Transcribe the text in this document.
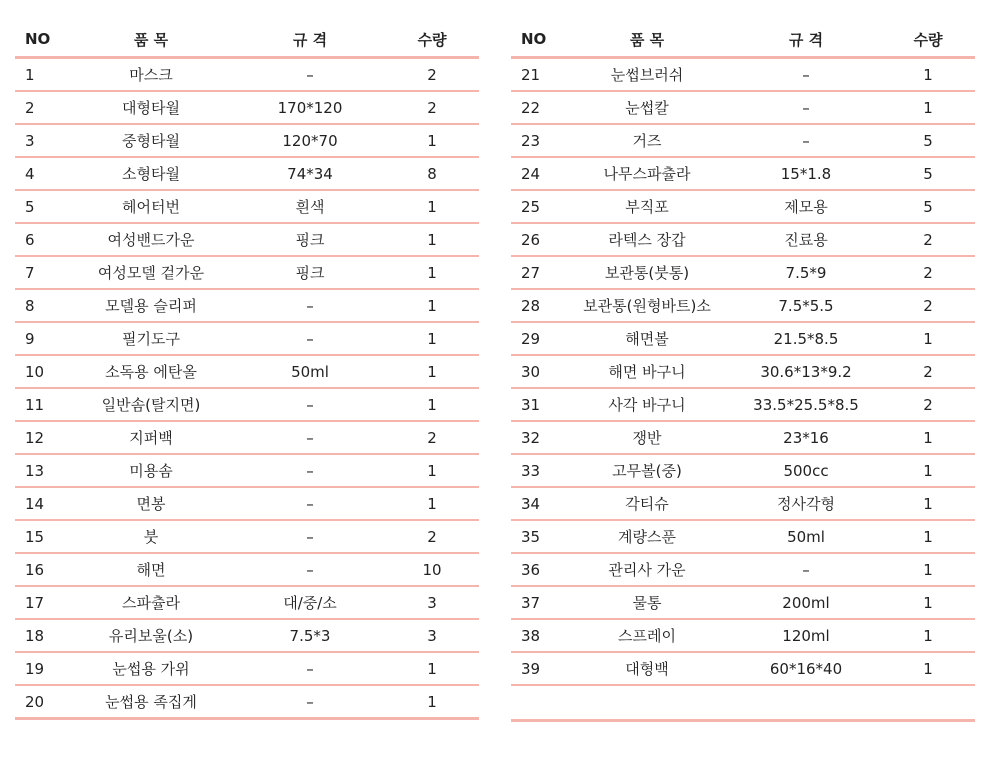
NO	품 목	규 격	수량
1	마스크	–	2
2	대형타월	170*120	2
3	중형타월	120*70	1
4	소형타월	74*34	8
5	헤어터번	흰색	1
6	여성밴드가운	핑크	1
7	여성모델 겉가운	핑크	1
8	모델용 슬리퍼	–	1
9	필기도구	–	1
10	소독용 에탄올	50ml	1
11	일반솜(탈지면)	–	1
12	지퍼백	–	2
13	미용솜	–	1
14	면봉	–	1
15	붓	–	2
16	해면	–	10
17	스파츌라	대/중/소	3
18	유리보울(소)	7.5*3	3
19	눈썹용 가위	–	1
20	눈썹용 족집게	–	1
NO	품 목	규 격	수량
21	눈썹브러쉬	–	1
22	눈썹칼	–	1
23	거즈	–	5
24	나무스파츌라	15*1.8	5
25	부직포	제모용	5
26	라텍스 장갑	진료용	2
27	보관통(붓통)	7.5*9	2
28	보관통(원형바트)소	7.5*5.5	2
29	해면볼	21.5*8.5	1
30	해면 바구니	30.6*13*9.2	2
31	사각 바구니	33.5*25.5*8.5	2
32	쟁반	23*16	1
33	고무볼(중)	500cc	1
34	각티슈	정사각형	1
35	계량스푼	50ml	1
36	관리사 가운	–	1
37	물통	200ml	1
38	스프레이	120ml	1
39	대형백	60*16*40	1
